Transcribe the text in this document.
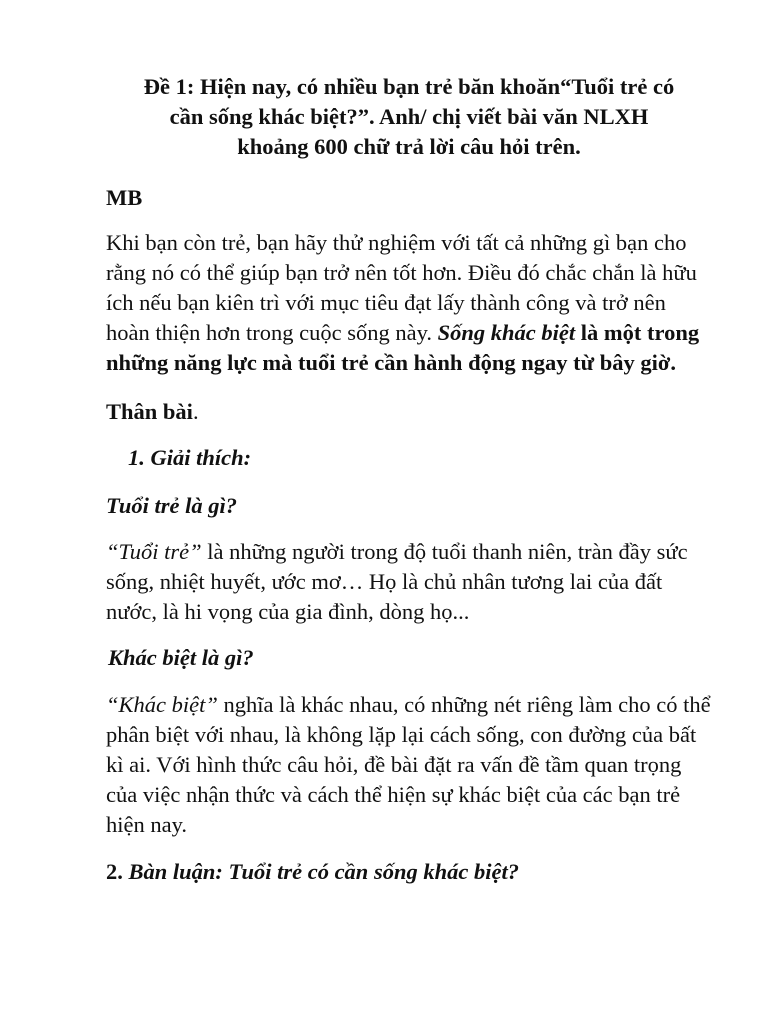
Đề 1: Hiện nay, có nhiều bạn trẻ băn khoăn“Tuổi trẻ có
cần sống khác biệt?”. Anh/ chị viết bài văn NLXH
khoảng 600 chữ trả lời câu hỏi trên.

MB

Khi bạn còn trẻ, bạn hãy thử nghiệm với tất cả những gì bạn cho rằng nó có thể giúp bạn trở nên tốt hơn. Điều đó chắc chắn là hữu ích nếu bạn kiên trì với mục tiêu đạt lấy thành công và trở nên hoàn thiện hơn trong cuộc sống này. Sống khác biệt là một trong những năng lực mà tuổi trẻ cần hành động ngay từ bây giờ.

Thân bài.

1. Giải thích:

Tuổi trẻ là gì?

“Tuổi trẻ” là những người trong độ tuổi thanh niên, tràn đầy sức sống, nhiệt huyết, ước mơ… Họ là chủ nhân tương lai của đất nước, là hi vọng của gia đình, dòng họ...

Khác biệt là gì?

“Khác biệt” nghĩa là khác nhau, có những nét riêng làm cho có thể phân biệt với nhau, là không lặp lại cách sống, con đường của bất kì ai. Với hình thức câu hỏi, đề bài đặt ra vấn đề tầm quan trọng của việc nhận thức và cách thể hiện sự khác biệt của các bạn trẻ hiện nay.

2. Bàn luận: Tuổi trẻ có cần sống khác biệt?
